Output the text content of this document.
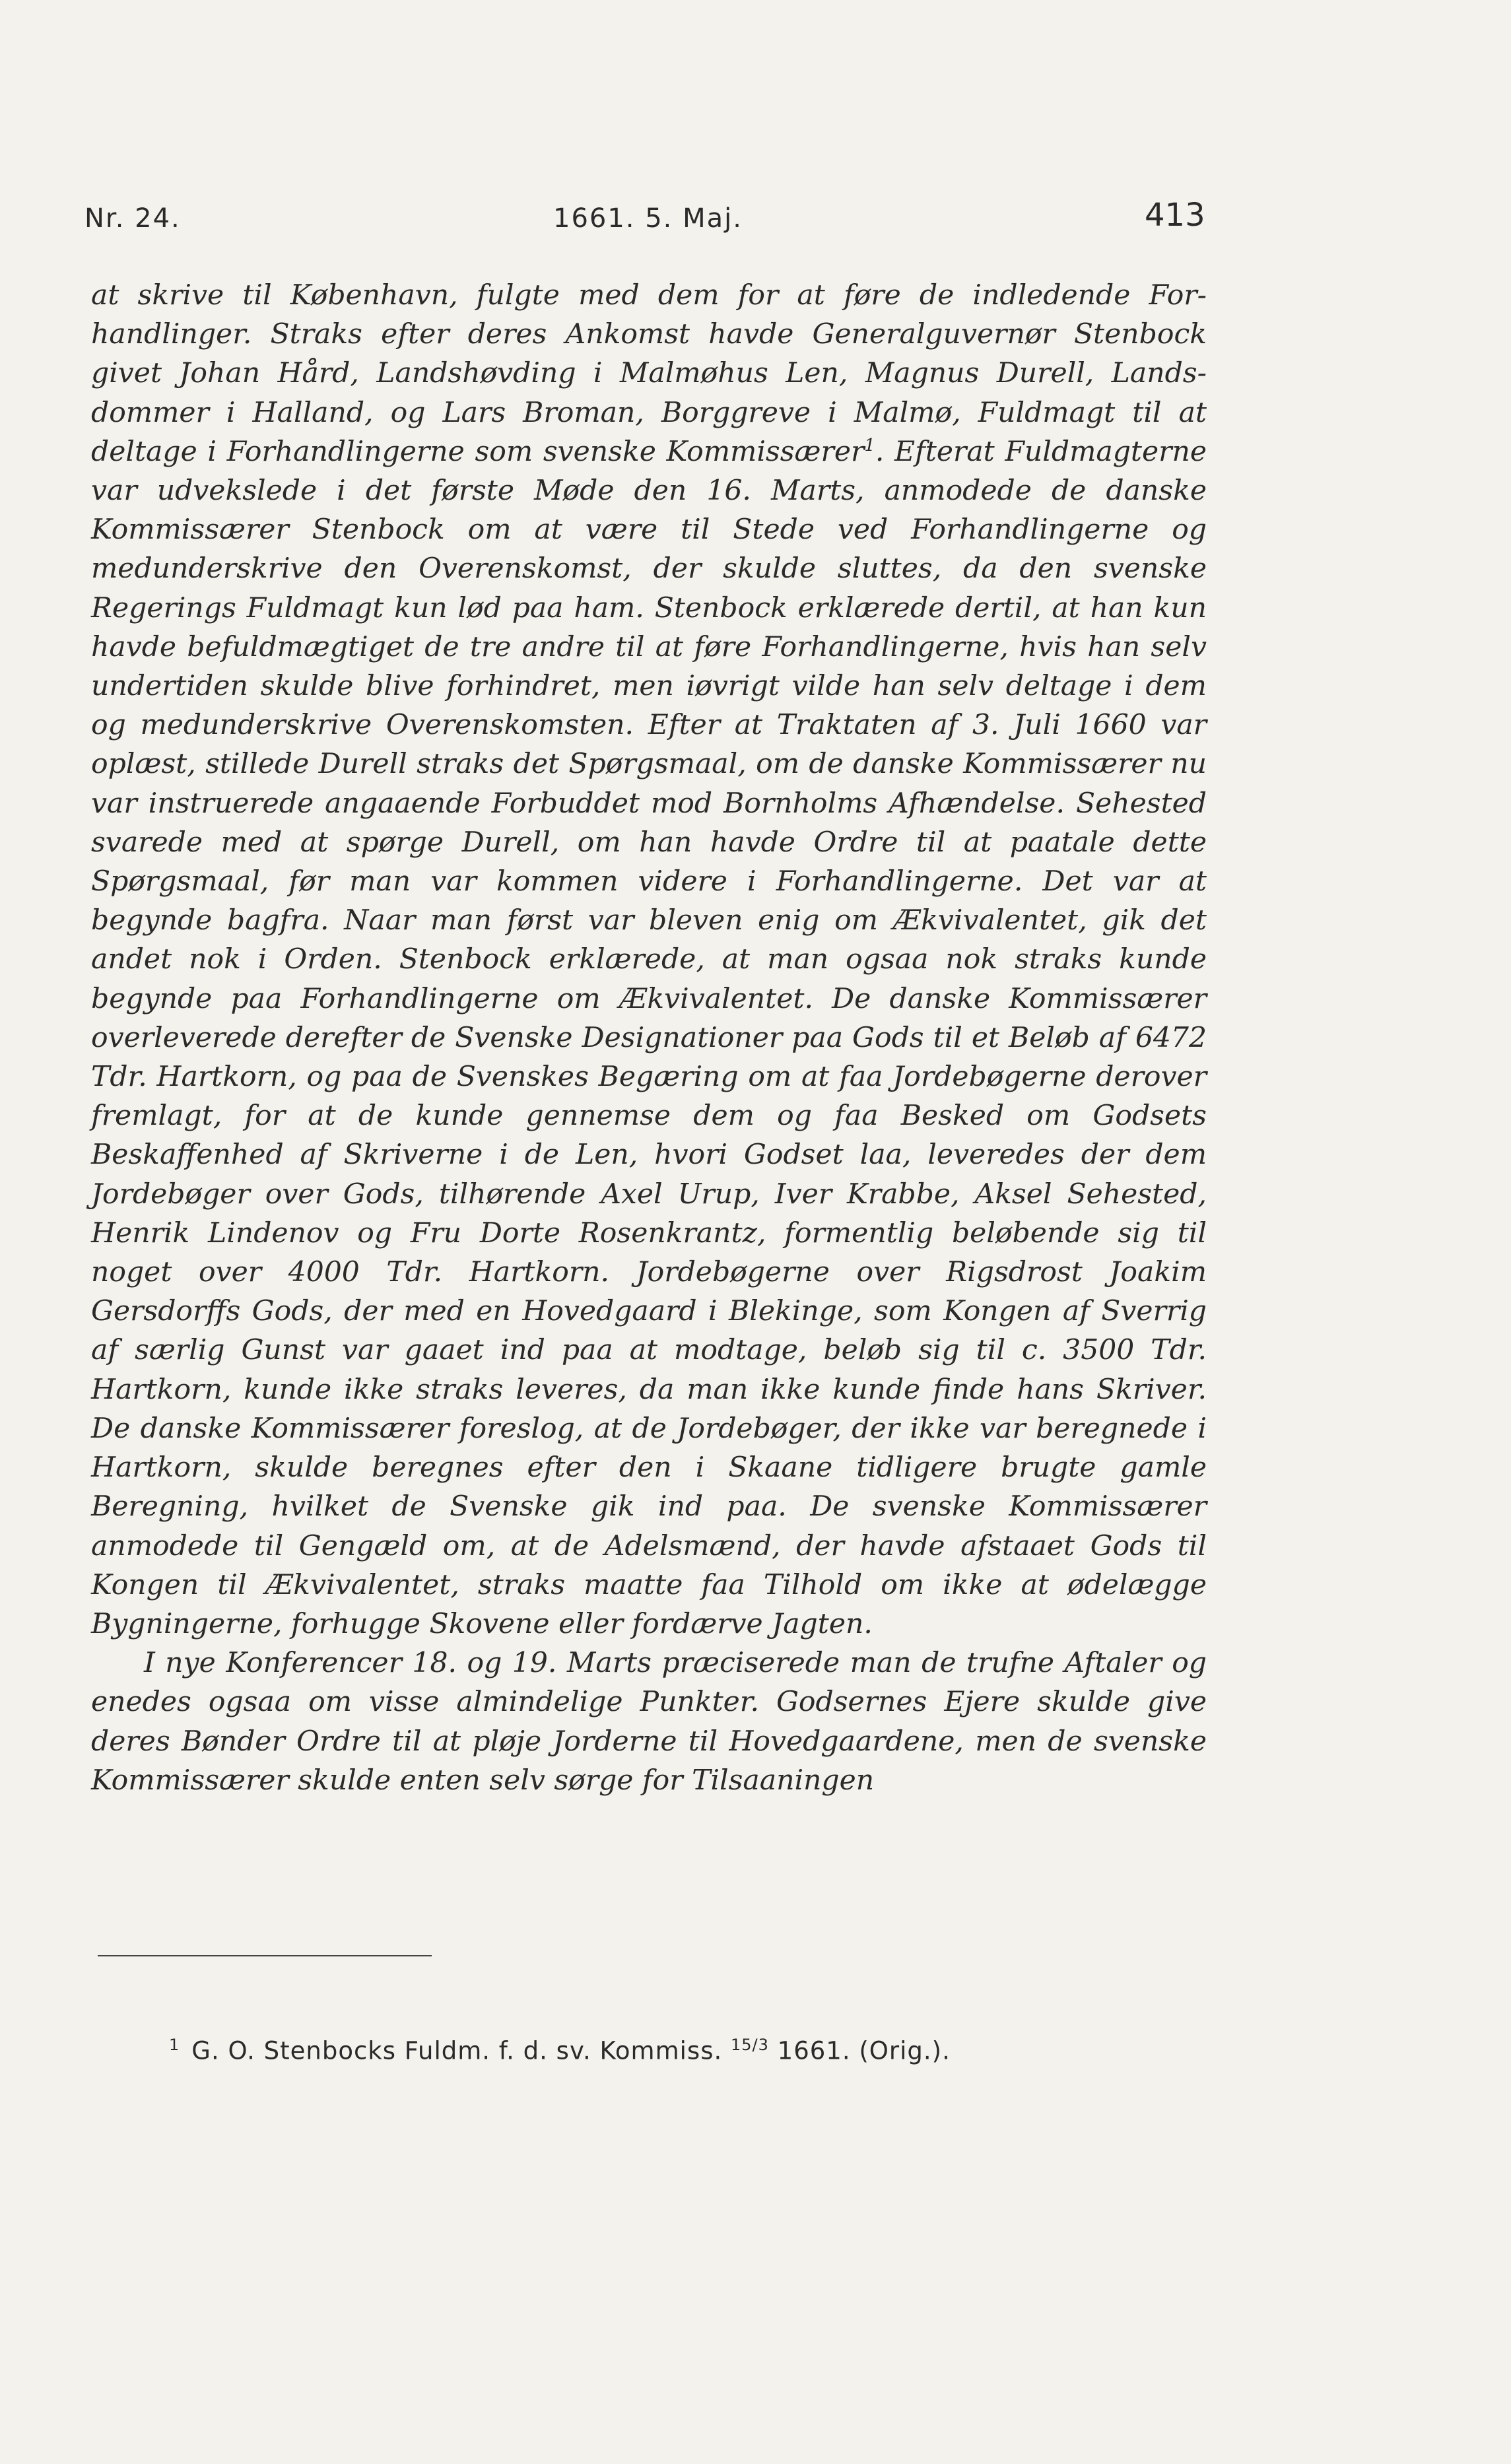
Nr. 24.	1661. 5. Maj.	413

at skrive til København, fulgte med dem for at føre de indledende Forhandlinger. Straks efter deres Ankomst havde Generalguvernør Stenbock givet Johan Hård, Landshøvding i Malmøhus Len, Magnus Durell, Landsdommer i Halland, og Lars Broman, Borggreve i Malmø, Fuldmagt til at deltage i Forhandlingerne som svenske Kommissærer$^1$. Efterat Fuldmagterne var udvekslede i det første Møde den 16. Marts, anmodede de danske Kommissærer Stenbock om at være til Stede ved Forhandlingerne og medunderskrive den Overenskomst, der skulde sluttes, da den svenske Regerings Fuldmagt kun lød paa ham. Stenbock erklærede dertil, at han kun havde befuldmægtiget de tre andre til at føre Forhandlingerne, hvis han selv undertiden skulde blive forhindret, men iøvrigt vilde han selv deltage i dem og medunderskrive Overenskomsten. Efter at Traktaten af 3. Juli 1660 var oplæst, stillede Durell straks det Spørgsmaal, om de danske Kommissærer nu var instruerede angaaende Forbuddet mod Bornholms Afhændelse. Sehested svarede med at spørge Durell, om han havde Ordre til at paatale dette Spørgsmaal, før man var kommen videre i Forhandlingerne. Det var at begynde bagfra. Naar man først var bleven enig om Ækvivalentet, gik det andet nok i Orden. Stenbock erklærede, at man ogsaa nok straks kunde begynde paa Forhandlingerne om Ækvivalentet. De danske Kommissærer overleverede derefter de Svenske Designationer paa Gods til et Beløb af 6472 Tdr. Hartkorn, og paa de Svenskes Begæring om at faa Jordebøgerne derover fremlagt, for at de kunde gennemse dem og faa Besked om Godsets Beskaffenhed af Skriverne i de Len, hvori Godset laa, leveredes der dem Jordebøger over Gods, tilhørende Axel Urup, Iver Krabbe, Aksel Sehested, Henrik Lindenov og Fru Dorte Rosenkrantz, formentlig beløbende sig til noget over 4000 Tdr. Hartkorn. Jordebøgerne over Rigsdrost Joakim Gersdorffs Gods, der med en Hovedgaard i Blekinge, som Kongen af Sverrig af særlig Gunst var gaaet ind paa at modtage, beløb sig til c. 3500 Tdr. Hartkorn, kunde ikke straks leveres, da man ikke kunde finde hans Skriver. De danske Kommissærer foreslog, at de Jordebøger, der ikke var beregnede i Hartkorn, skulde beregnes efter den i Skaane tidligere brugte gamle Beregning, hvilket de Svenske gik ind paa. De svenske Kommissærer anmodede til Gengæld om, at de Adelsmænd, der havde afstaaet Gods til Kongen til Ækvivalentet, straks maatte faa Tilhold om ikke at ødelægge Bygningerne, forhugge Skovene eller fordærve Jagten.
I nye Konferencer 18. og 19. Marts præciserede man de trufne Aftaler og enedes ogsaa om visse almindelige Punkter. Godsernes Ejere skulde give deres Bønder Ordre til at pløje Jorderne til Hovedgaardene, men de svenske Kommissærer skulde enten selv sørge for Tilsaaningen

$^1$ G. O. Stenbocks Fuldm. f. d. sv. Kommiss. $^{15/3}$ 1661. (Orig.).
